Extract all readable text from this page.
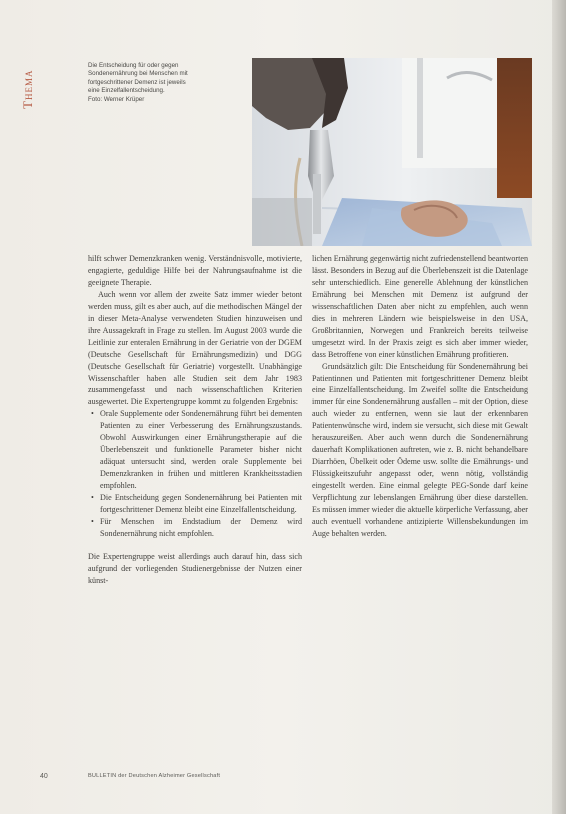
Thema

Die Entscheidung für oder gegen

Sondenernährung bei Menschen mit

fortgeschrittener Demenz ist jeweils

eine Einzelfallentscheidung.

Foto: Werner Krüper

hilft schwer Demenzkranken wenig. Verständnisvolle, motivierte, engagierte, geduldige Hilfe bei der Nahrungsaufnahme ist die geeignete Therapie.

Auch wenn vor allem der zweite Satz immer wieder betont werden muss, gilt es aber auch, auf die methodischen Mängel der in dieser Meta-Analyse verwendeten Studien hinzuweisen und ihre Aussagekraft in Frage zu stellen. Im August 2003 wurde die Leitlinie zur enteralen Ernährung in der Geriatrie von der DGEM (Deutsche Gesellschaft für Ernährungsmedizin) und DGG (Deutsche Gesellschaft für Geriatrie) vorgestellt. Unabhängige Wissenschaftler haben alle Studien seit dem Jahr 1983 zusammengefasst und nach wissenschaftlichen Kriterien ausgewertet. Die Expertengruppe kommt zu folgenden Ergebnis:

• Orale Supplemente oder Sondenernährung führt bei dementen Patienten zu einer Verbesserung des Ernährungszustands. Obwohl Auswirkungen einer Ernährungstherapie auf die Überlebenszeit und funktionelle Parameter bisher nicht adäquat untersucht sind, werden orale Supplemente bei Demenzkranken in frühen und mittleren Krankheitsstadien empfohlen.
• Die Entscheidung gegen Sondenernährung bei Patienten mit fortgeschrittener Demenz bleibt eine Einzelfallentscheidung.
• Für Menschen im Endstadium der Demenz wird Sondenernährung nicht empfohlen.

Die Expertengruppe weist allerdings auch darauf hin, dass sich aufgrund der vorliegenden Studienergebnisse der Nutzen einer künst-

lichen Ernährung gegenwärtig nicht zufriedenstellend beantworten lässt. Besonders in Bezug auf die Überlebenszeit ist die Datenlage sehr unterschiedlich. Eine generelle Ablehnung der künstlichen Ernährung bei Menschen mit Demenz ist aufgrund der wissenschaftlichen Daten aber nicht zu empfehlen, auch wenn dies in mehreren Ländern wie beispielsweise in den USA, Großbritannien, Norwegen und Frankreich bereits teilweise umgesetzt wird. In der Praxis zeigt es sich aber immer wieder, dass Betroffene von einer künstlichen Ernährung profitieren.

Grundsätzlich gilt: Die Entscheidung für Sondenernährung bei Patientinnen und Patienten mit fortgeschrittener Demenz bleibt eine Einzelfallentscheidung. Im Zweifel sollte die Entscheidung immer für eine Sondenernährung ausfallen – mit der Option, diese auch wieder zu entfernen, wenn sie laut der erkennbaren Patientenwünsche wird, indem sie versucht, sich diese mit Gewalt herauszureißen. Aber auch wenn durch die Sondenernährung dauerhaft Komplikationen auftreten, wie z. B. nicht behandelbare Diarrhöen, Übelkeit oder Ödeme usw. sollte die Ernährungs- und Flüssigkeitszufuhr angepasst oder, wenn nötig, vollständig eingestellt werden. Eine einmal gelegte PEG-Sonde darf keine Verpflichtung zur lebenslangen Ernährung über diese darstellen. Es müssen immer wieder die aktuelle körperliche Verfassung, aber auch eventuell vorhandene antizipierte Willensbekundungen im Auge behalten werden.

40	BULLETIN der Deutschen Alzheimer Gesellschaft
